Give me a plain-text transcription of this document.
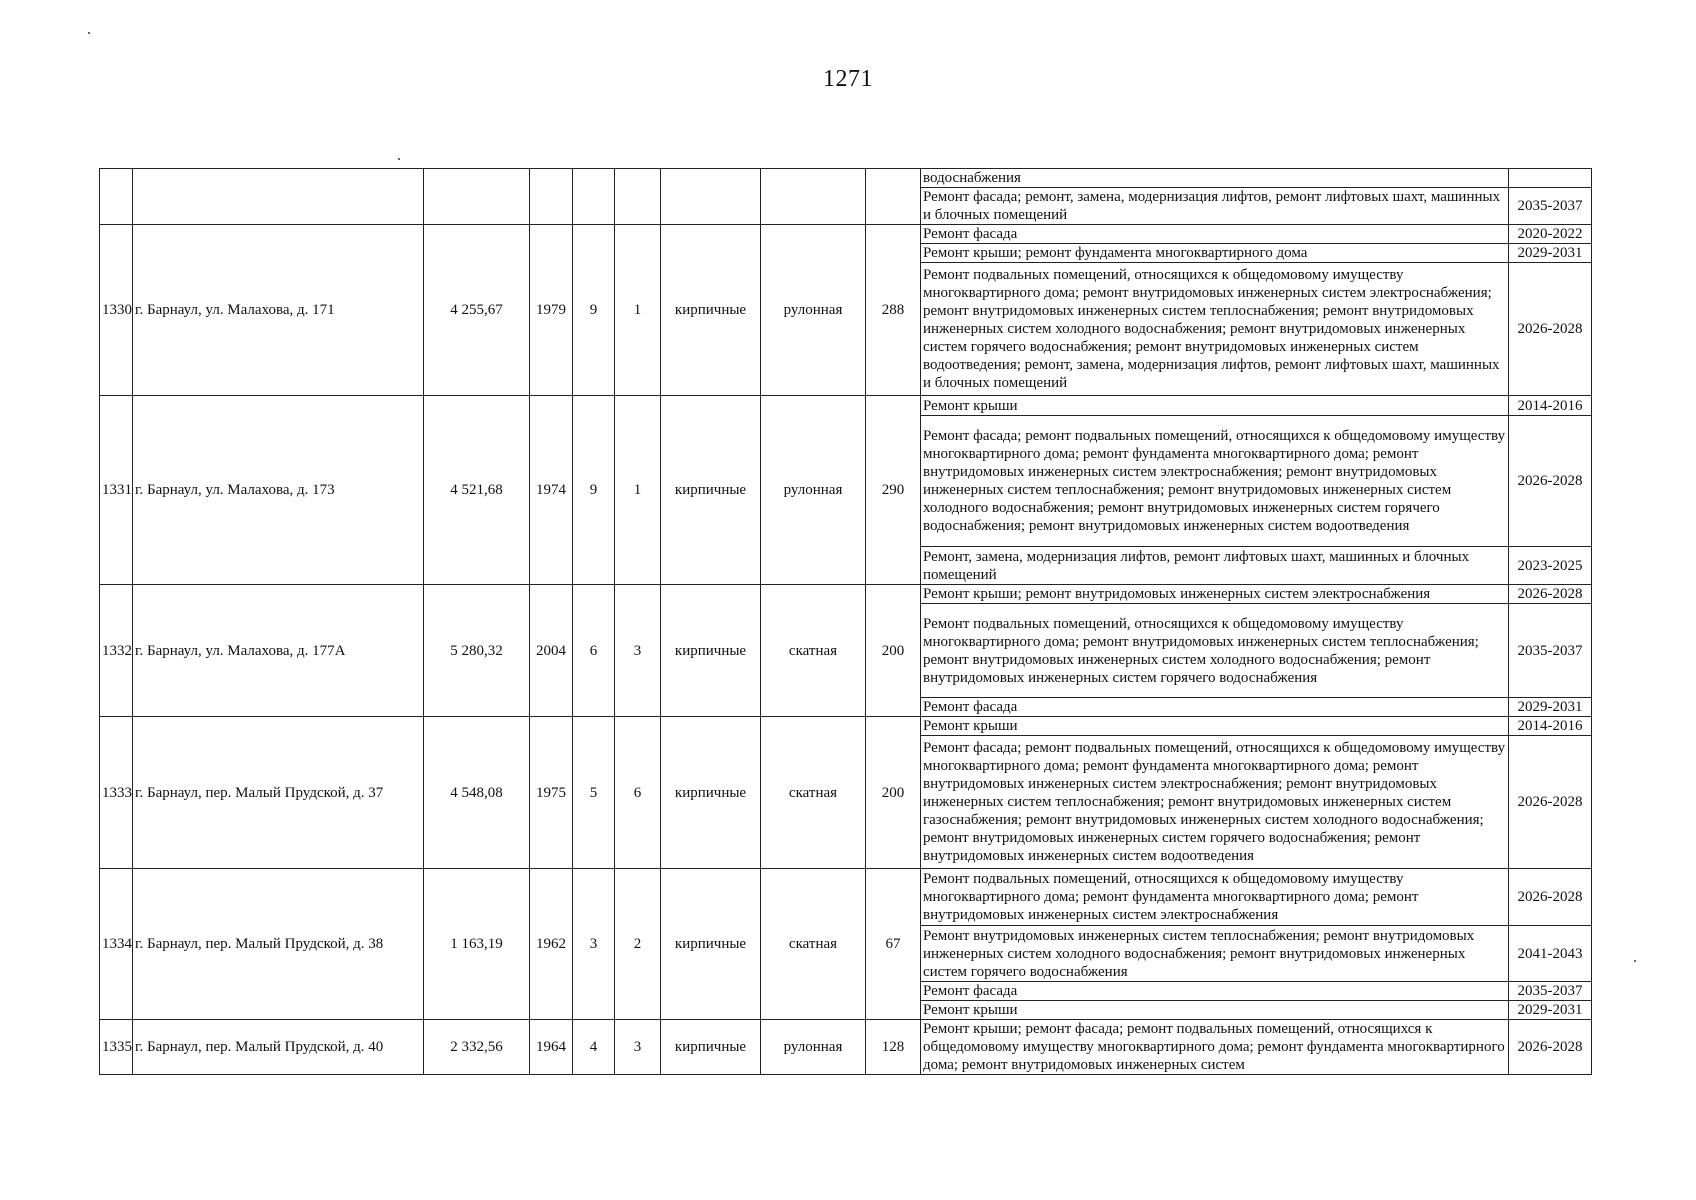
1271
									водоснабжения	
									Ремонт фасада; ремонт, замена, модернизация лифтов, ремонт лифтовых шахт, машинных и блочных помещений	2035-2037
1330	г. Барнаул, ул. Малахова, д. 171	4 255,67	1979	9	1	кирпичные	рулонная	288	Ремонт фасада	2020-2022
									Ремонт крыши; ремонт фундамента многоквартирного дома	2029-2031
									Ремонт подвальных помещений, относящихся к общедомовому имуществу многоквартирного дома; ремонт внутридомовых инженерных систем электроснабжения; ремонт внутридомовых инженерных систем теплоснабжения; ремонт внутридомовых инженерных систем холодного водоснабжения; ремонт внутридомовых инженерных систем горячего водоснабжения; ремонт внутридомовых инженерных систем водоотведения; ремонт, замена, модернизация лифтов, ремонт лифтовых шахт, машинных и блочных помещений	2026-2028
1331	г. Барнаул, ул. Малахова, д. 173	4 521,68	1974	9	1	кирпичные	рулонная	290	Ремонт крыши	2014-2016
									Ремонт фасада; ремонт подвальных помещений, относящихся к общедомовому имуществу многоквартирного дома; ремонт фундамента многоквартирного дома; ремонт внутридомовых инженерных систем электроснабжения; ремонт внутридомовых инженерных систем теплоснабжения; ремонт внутридомовых инженерных систем холодного водоснабжения; ремонт внутридомовых инженерных систем горячего водоснабжения; ремонт внутридомовых инженерных систем водоотведения	2026-2028
									Ремонт, замена, модернизация лифтов, ремонт лифтовых шахт, машинных и блочных помещений	2023-2025
1332	г. Барнаул, ул. Малахова, д. 177А	5 280,32	2004	6	3	кирпичные	скатная	200	Ремонт крыши; ремонт внутридомовых инженерных систем электроснабжения	2026-2028
									Ремонт подвальных помещений, относящихся к общедомовому имуществу многоквартирного дома; ремонт внутридомовых инженерных систем теплоснабжения; ремонт внутридомовых инженерных систем холодного водоснабжения; ремонт внутридомовых инженерных систем горячего водоснабжения	2035-2037
									Ремонт фасада	2029-2031
1333	г. Барнаул, пер. Малый Прудской, д. 37	4 548,08	1975	5	6	кирпичные	скатная	200	Ремонт крыши	2014-2016
									Ремонт фасада; ремонт подвальных помещений, относящихся к общедомовому имуществу многоквартирного дома; ремонт фундамента многоквартирного дома; ремонт внутридомовых инженерных систем электроснабжения; ремонт внутридомовых инженерных систем теплоснабжения; ремонт внутридомовых инженерных систем газоснабжения; ремонт внутридомовых инженерных систем холодного водоснабжения; ремонт внутридомовых инженерных систем горячего водоснабжения; ремонт внутридомовых инженерных систем водоотведения	2026-2028
1334	г. Барнаул, пер. Малый Прудской, д. 38	1 163,19	1962	3	2	кирпичные	скатная	67	Ремонт подвальных помещений, относящихся к общедомовому имуществу многоквартирного дома; ремонт фундамента многоквартирного дома; ремонт внутридомовых инженерных систем электроснабжения	2026-2028
									Ремонт внутридомовых инженерных систем теплоснабжения; ремонт внутридомовых инженерных систем холодного водоснабжения; ремонт внутридомовых инженерных систем горячего водоснабжения	2041-2043
									Ремонт фасада	2035-2037
									Ремонт крыши	2029-2031
1335	г. Барнаул, пер. Малый Прудской, д. 40	2 332,56	1964	4	3	кирпичные	рулонная	128	Ремонт крыши; ремонт фасада; ремонт подвальных помещений, относящихся к общедомовому имуществу многоквартирного дома; ремонт фундамента многоквартирного дома; ремонт внутридомовых инженерных систем	2026-2028
